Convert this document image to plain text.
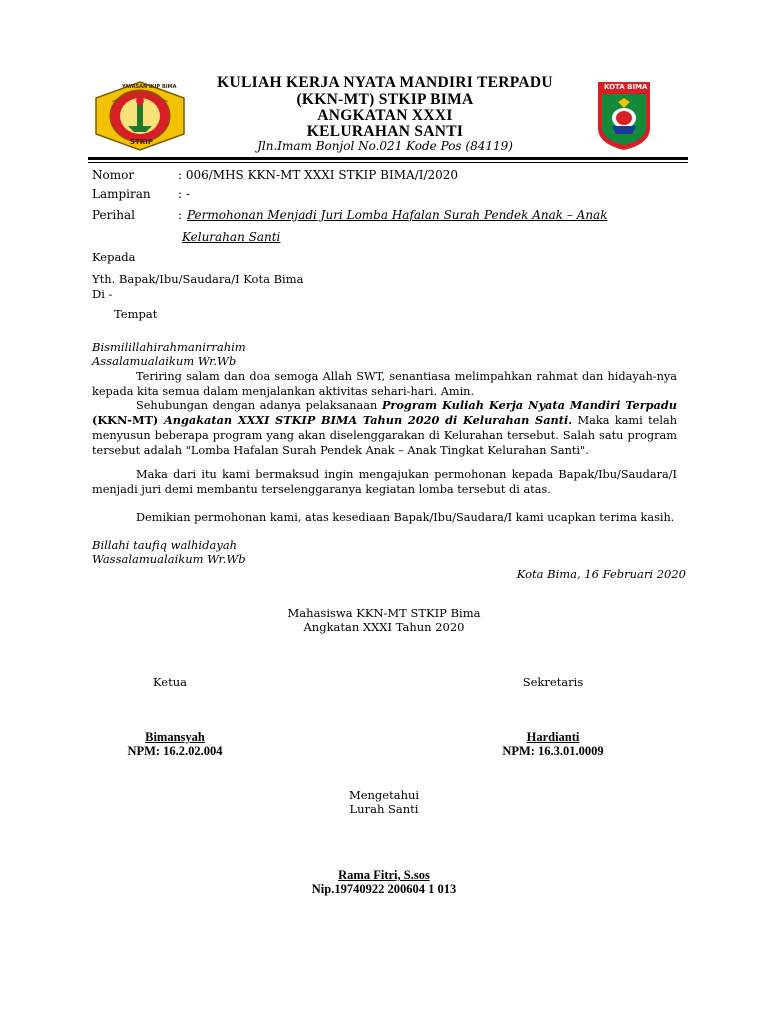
YAYASAN IKIP BIMA
STKIP
KOTA BIMA
KULIAH KERJA NYATA MANDIRI TERPADU
(KKN-MT) STKIP BIMA
ANGKATAN XXXI
KELURAHAN SANTI
Jln.Imam Bonjol No.021 Kode Pos (84119)
Nomor	: 006/MHS KKN-MT XXXI STKIP BIMA/I/2020
Lampiran : -
Perihal	: Permohonan Menjadi Juri Lomba Hafalan Surah Pendek Anak – Anak
Kelurahan Santi
Kepada
Yth. Bapak/Ibu/Saudara/I Kota Bima
Di -
Tempat
Bismilillahirahmanirrahim
Assalamualaikum Wr.Wb
Teriring salam dan doa semoga Allah SWT, senantiasa melimpahkan rahmat dan hidayah-nya kepada kita semua dalam menjalankan aktivitas sehari-hari. Amin.
Sehubungan dengan adanya pelaksanaan Program Kuliah Kerja Nyata Mandiri Terpadu (KKN-MT) Angakatan XXXI STKIP BIMA Tahun 2020 di Kelurahan Santi. Maka kami telah menyusun beberapa program yang akan diselenggarakan di Kelurahan tersebut. Salah satu program tersebut adalah "Lomba Hafalan Surah Pendek Anak – Anak Tingkat Kelurahan Santi".
Maka dari itu kami bermaksud ingin mengajukan permohonan kepada Bapak/Ibu/Saudara/I menjadi juri demi membantu terselenggaranya kegiatan lomba tersebut di atas.
Demikian permohonan kami, atas kesediaan Bapak/Ibu/Saudara/I kami ucapkan terima kasih.
Billahi taufiq walhidayah
Wassalamualaikum Wr.Wb
Kota Bima, 16 Februari 2020
Mahasiswa KKN-MT STKIP Bima
Angkatan XXXI Tahun 2020
Ketua	Sekretaris
Bimansyah
NPM: 16.2.02.004
Hardianti
NPM: 16.3.01.0009
Mengetahui
Lurah Santi
Rama Fitri, S.sos
Nip.19740922 200604 1 013
